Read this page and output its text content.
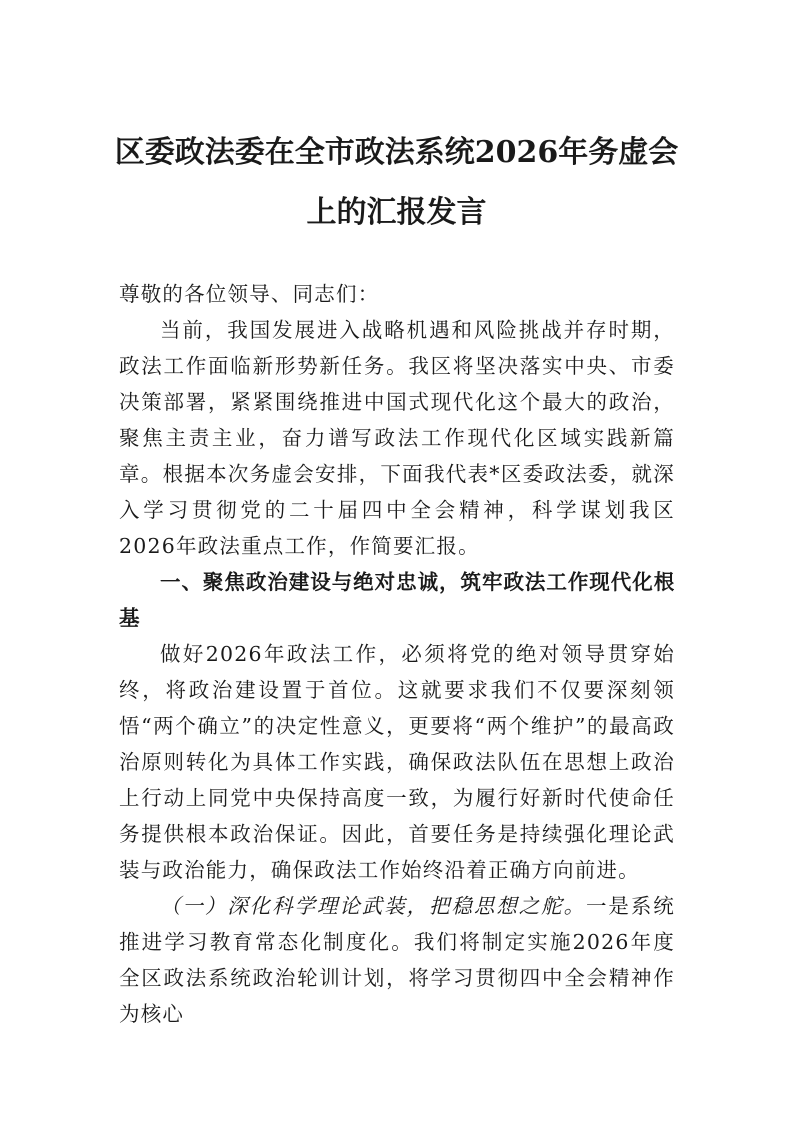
区委政法委在全市政法系统2026年务虚会
上的汇报发言

尊敬的各位领导、同志们：

当前，我国发展进入战略机遇和风险挑战并存时期，政法工作面临新形势新任务。我区将坚决落实中央、市委决策部署，紧紧围绕推进中国式现代化这个最大的政治，聚焦主责主业，奋力谱写政法工作现代化区域实践新篇章。根据本次务虚会安排，下面我代表*区委政法委，就深入学习贯彻党的二十届四中全会精神，科学谋划我区2026年政法重点工作，作简要汇报。

一、聚焦政治建设与绝对忠诚，筑牢政法工作现代化根基

做好2026年政法工作，必须将党的绝对领导贯穿始终，将政治建设置于首位。这就要求我们不仅要深刻领悟“两个确立”的决定性意义，更要将“两个维护”的最高政治原则转化为具体工作实践，确保政法队伍在思想上政治上行动上同党中央保持高度一致，为履行好新时代使命任务提供根本政治保证。因此，首要任务是持续强化理论武装与政治能力，确保政法工作始终沿着正确方向前进。

（一）深化科学理论武装，把稳思想之舵。一是系统推进学习教育常态化制度化。我们将制定实施2026年度全区政法系统政治轮训计划，将学习贯彻四中全会精神作为核心
